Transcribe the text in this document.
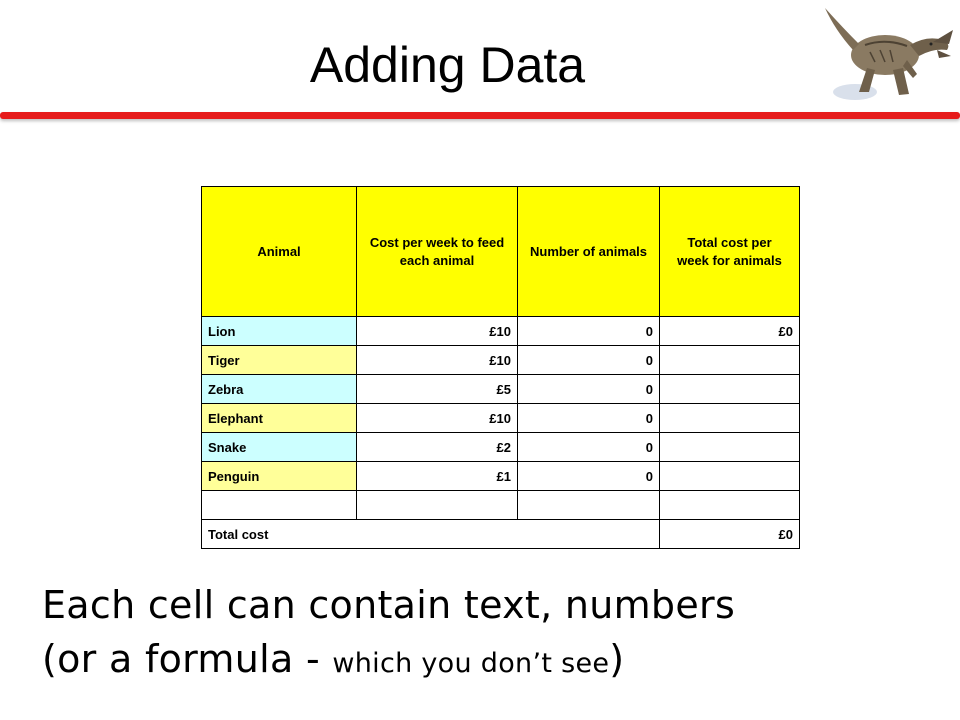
Adding Data
Animal	Cost per week to feed each animal	Number of animals	Total cost per week for animals
Lion	£10	0	£0
Tiger	£10	0	
Zebra	£5	0	
Elephant	£10	0	
Snake	£2	0	
Penguin	£1	0	

Total cost			£0
Each cell can contain text, numbers
(or a formula - which you don’t see)
